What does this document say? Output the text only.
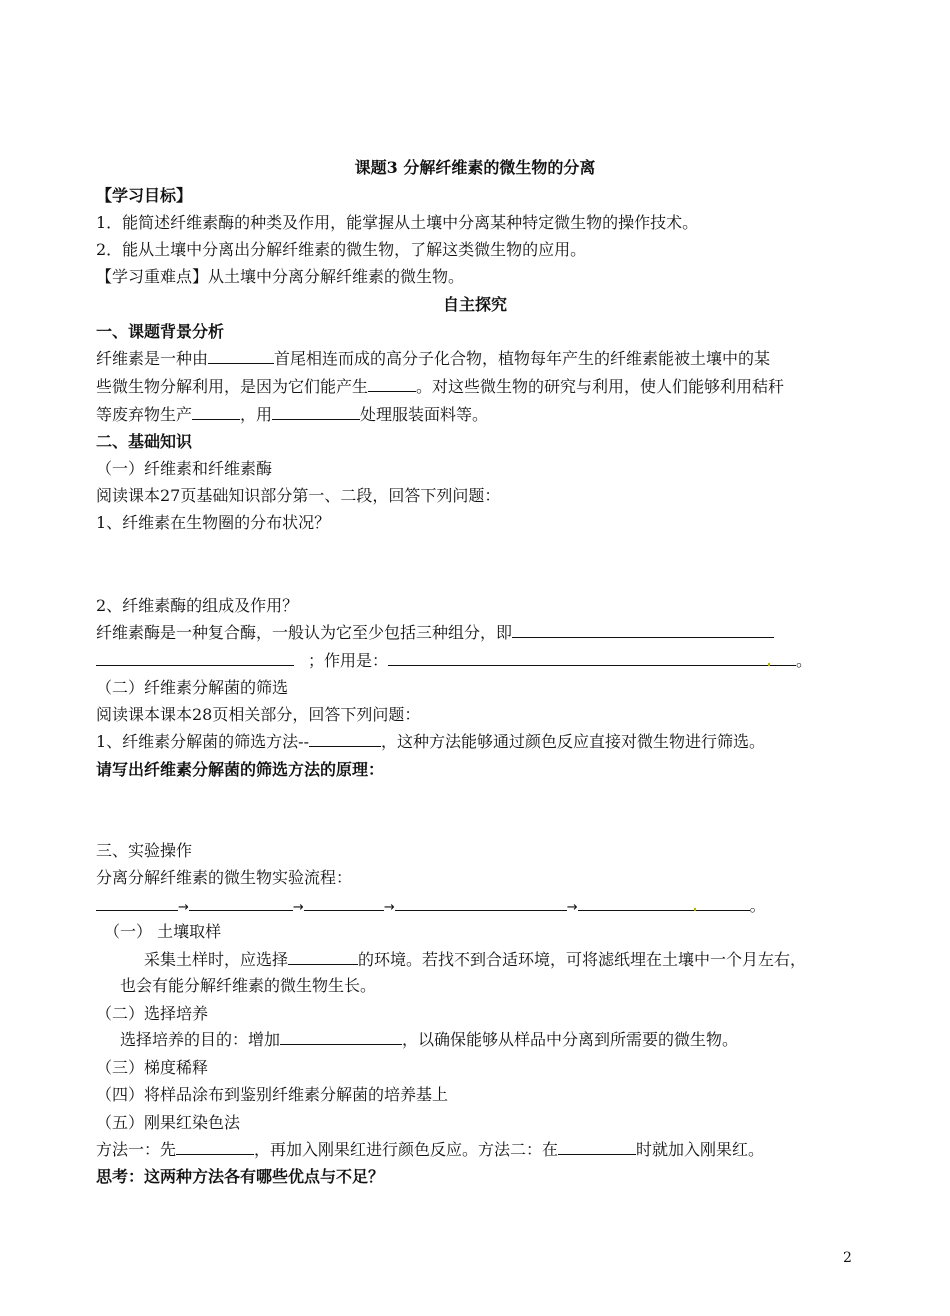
课题3 分解纤维素的微生物的分离
【学习目标】
1．能简述纤维素酶的种类及作用，能掌握从土壤中分离某种特定微生物的操作技术。
2．能从土壤中分离出分解纤维素的微生物，了解这类微生物的应用。
【学习重难点】从土壤中分离分解纤维素的微生物。
自主探究
一、课题背景分析
纤维素是一种由	首尾相连而成的高分子化合物，植物每年产生的纤维素能被土壤中的某
些微生物分解利用，是因为它们能产生	。对这些微生物的研究与利用，使人们能够利用秸秆
等废弃物生产	，用	处理服装面料等。
二、基础知识
（一）纤维素和纤维素酶
阅读课本27页基础知识部分第一、二段，回答下列问题：
1、纤维素在生物圈的分布状况？
2、纤维素酶的组成及作用？
纤维素酶是一种复合酶，一般认为它至少包括三种组分，即
；作用是：	。
（二）纤维素分解菌的筛选
阅读课本课本28页相关部分，回答下列问题：
1、纤维素分解菌的筛选方法--	，这种方法能够通过颜色反应直接对微生物进行筛选。
请写出纤维素分解菌的筛选方法的原理：
三、实验操作
分离分解纤维素的微生物实验流程：
→	→	→	→	。
（一） 土壤取样
采集土样时，应选择	的环境。若找不到合适环境，可将滤纸埋在土壤中一个月左右，
也会有能分解纤维素的微生物生长。
（二）选择培养
选择培养的目的：增加	，以确保能够从样品中分离到所需要的微生物。
（三）梯度稀释
（四）将样品涂布到鉴别纤维素分解菌的培养基上
（五）刚果红染色法
方法一：先	，再加入刚果红进行颜色反应。方法二：在	时就加入刚果红。
思考：这两种方法各有哪些优点与不足？
2
